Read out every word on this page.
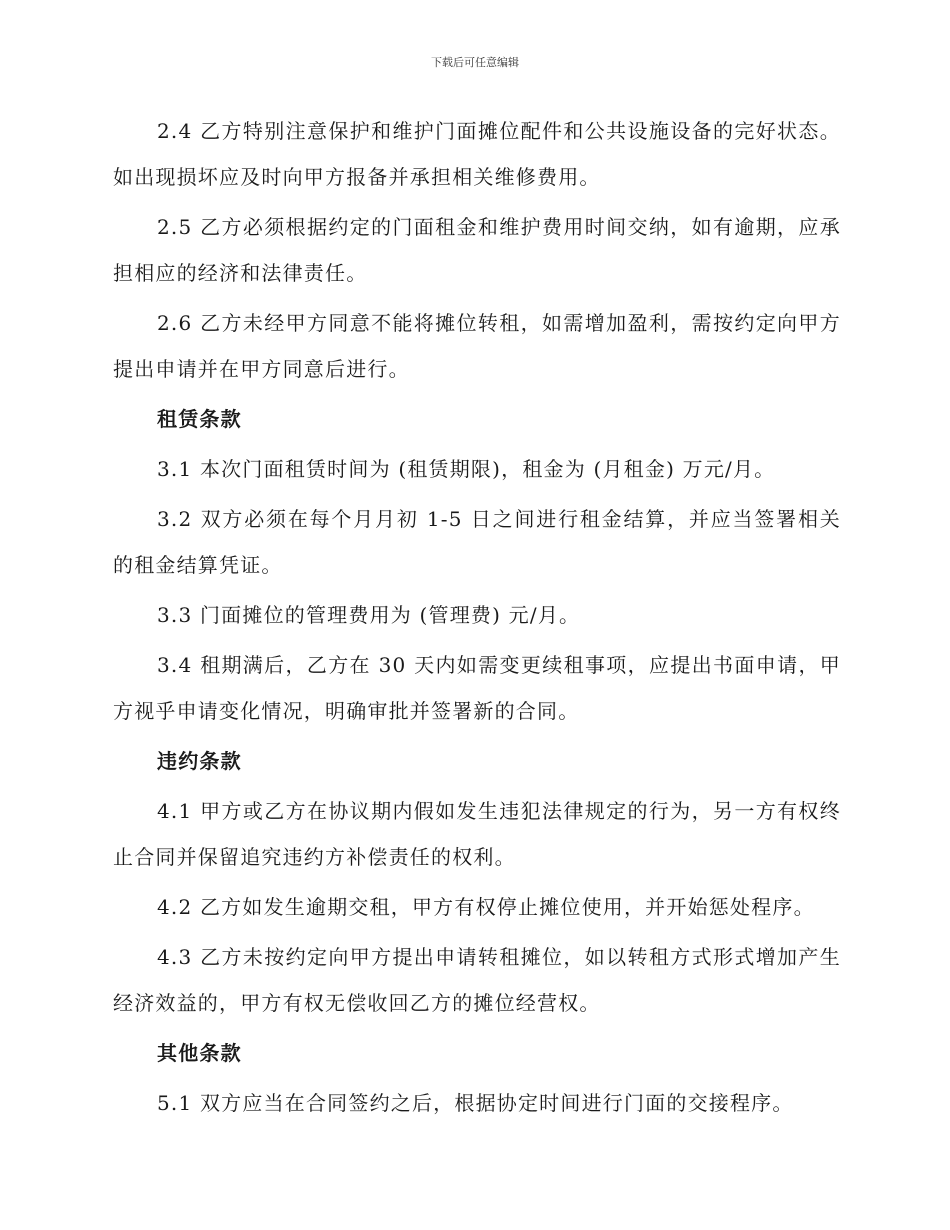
下载后可任意编辑

2.4 乙方特别注意保护和维护门面摊位配件和公共设施设备的完好状态。如出现损坏应及时向甲方报备并承担相关维修费用。

2.5 乙方必须根据约定的门面租金和维护费用时间交纳，如有逾期，应承担相应的经济和法律责任。

2.6 乙方未经甲方同意不能将摊位转租，如需增加盈利，需按约定向甲方提出申请并在甲方同意后进行。

租赁条款

3.1 本次门面租赁时间为 (租赁期限)，租金为 (月租金) 万元/月。

3.2 双方必须在每个月月初 1-5 日之间进行租金结算，并应当签署相关的租金结算凭证。

3.3 门面摊位的管理费用为 (管理费) 元/月。

3.4 租期满后，乙方在 30 天内如需变更续租事项，应提出书面申请，甲方视乎申请变化情况，明确审批并签署新的合同。

违约条款

4.1 甲方或乙方在协议期内假如发生违犯法律规定的行为，另一方有权终止合同并保留追究违约方补偿责任的权利。

4.2 乙方如发生逾期交租，甲方有权停止摊位使用，并开始惩处程序。

4.3 乙方未按约定向甲方提出申请转租摊位，如以转租方式形式增加产生经济效益的，甲方有权无偿收回乙方的摊位经营权。

其他条款

5.1 双方应当在合同签约之后，根据协定时间进行门面的交接程序。
